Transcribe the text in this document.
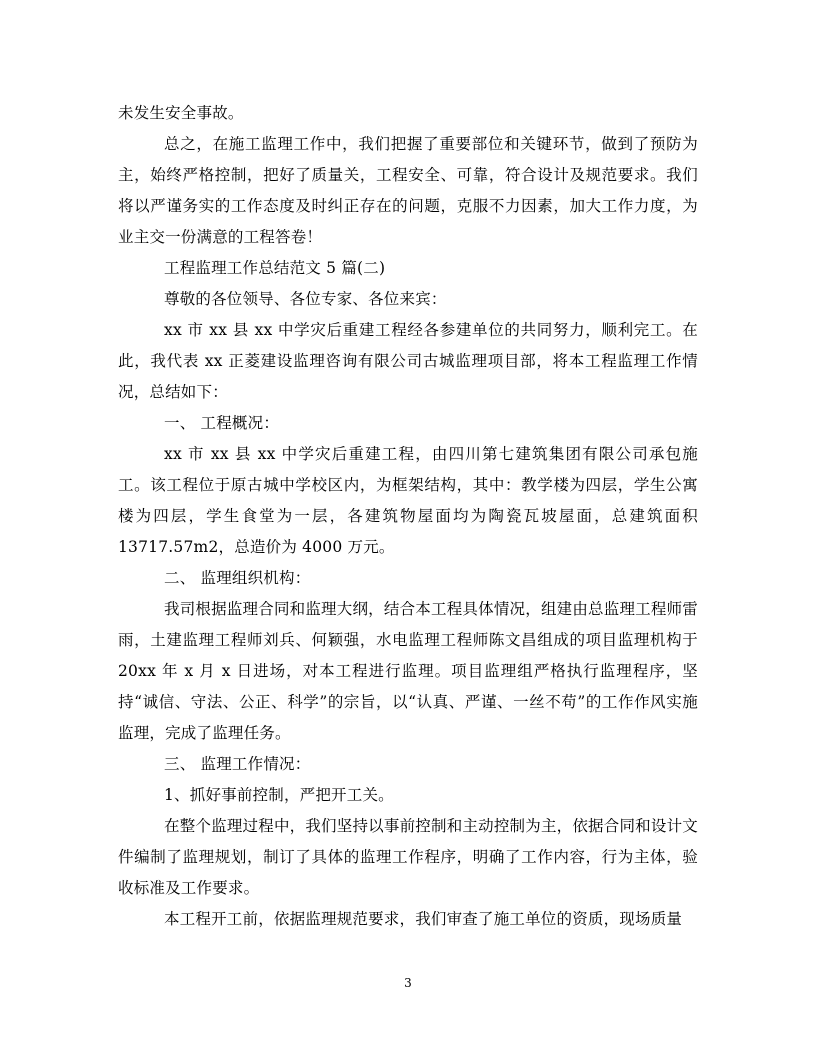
未发生安全事故。

总之，在施工监理工作中，我们把握了重要部位和关键环节，做到了预防为主，始终严格控制，把好了质量关，工程安全、可靠，符合设计及规范要求。我们将以严谨务实的工作态度及时纠正存在的问题，克服不力因素，加大工作力度，为业主交一份满意的工程答卷！

工程监理工作总结范文 5 篇(二)

尊敬的各位领导、各位专家、各位来宾：

xx 市 xx 县 xx 中学灾后重建工程经各参建单位的共同努力，顺利完工。在此，我代表 xx 正菱建设监理咨询有限公司古城监理项目部，将本工程监理工作情况，总结如下：

一、 工程概况：

xx 市 xx 县 xx 中学灾后重建工程，由四川第七建筑集团有限公司承包施工。该工程位于原古城中学校区内，为框架结构，其中：教学楼为四层，学生公寓楼为四层，学生食堂为一层，各建筑物屋面均为陶瓷瓦坡屋面，总建筑面积 13717.57m2，总造价为 4000 万元。

二、 监理组织机构：

我司根据监理合同和监理大纲，结合本工程具体情况，组建由总监理工程师雷雨，土建监理工程师刘兵、何颖强，水电监理工程师陈文昌组成的项目监理机构于 20xx 年 x 月 x 日进场，对本工程进行监理。项目监理组严格执行监理程序，坚持“诚信、守法、公正、科学”的宗旨，以“认真、严谨、一丝不苟”的工作作风实施监理，完成了监理任务。

三、 监理工作情况：

1、抓好事前控制，严把开工关。

在整个监理过程中，我们坚持以事前控制和主动控制为主，依据合同和设计文件编制了监理规划，制订了具体的监理工作程序，明确了工作内容，行为主体，验收标准及工作要求。

本工程开工前，依据监理规范要求，我们审查了施工单位的资质，现场质量

3
